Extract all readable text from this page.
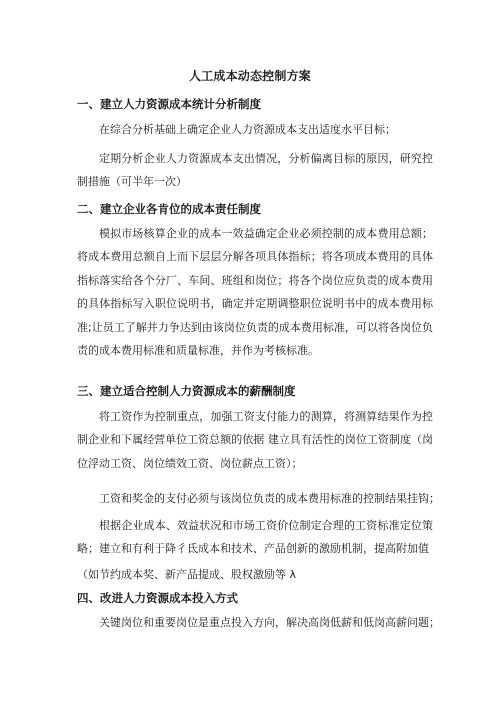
人工成本动态控制方案
一、建立人力资源成本统计分析制度
在综合分析基础上确定企业人力资源成本支出适度水平目标；
定期分析企业人力资源成本支出情况，分析偏离目标的原因，研究控制措施（可半年一次）
二、建立企业各肯位的成本责任制度
模拟市场核算企业的成本一效益确定企业必须控制的成本费用总额；将成本费用总额自上而下层层分解各项具体指标；将各项成本费用的具体指标落实给各个分厂、车间、班组和岗位；将各个岗位应负责的成本费用的具体指标写入职位说明书，确定并定期调整职位说明书中的成本费用标准;让员工了解并力争达到由该岗位负责的成本费用标准，可以将各岗位负责的成本费用标准和质量标准，并作为考核标准。
三、建立适合控制人力资源成本的薪酬制度
将工资作为控制重点，加强工资支付能力的测算，将测算结果作为控制企业和下属经营单位工资总额的依据 建立具有活性的岗位工资制度（岗位浮动工资、岗位绩效工资、岗位薪点工资）；
工资和奖金的支付必须与该岗位负责的成本费用标准的控制结果挂钩；
根据企业成本、效益状况和市场工资价位制定合理的工资标准定位策略；建立和有利于降彳氐成本和技术、产品创新的激励机制，提高附加值
（如节约成本奖、新产品提成、股权激励等 λ
四、改进人力资源成本投入方式
关键岗位和重要岗位是重点投入方向，解决高岗低薪和低岗高薪问题；
